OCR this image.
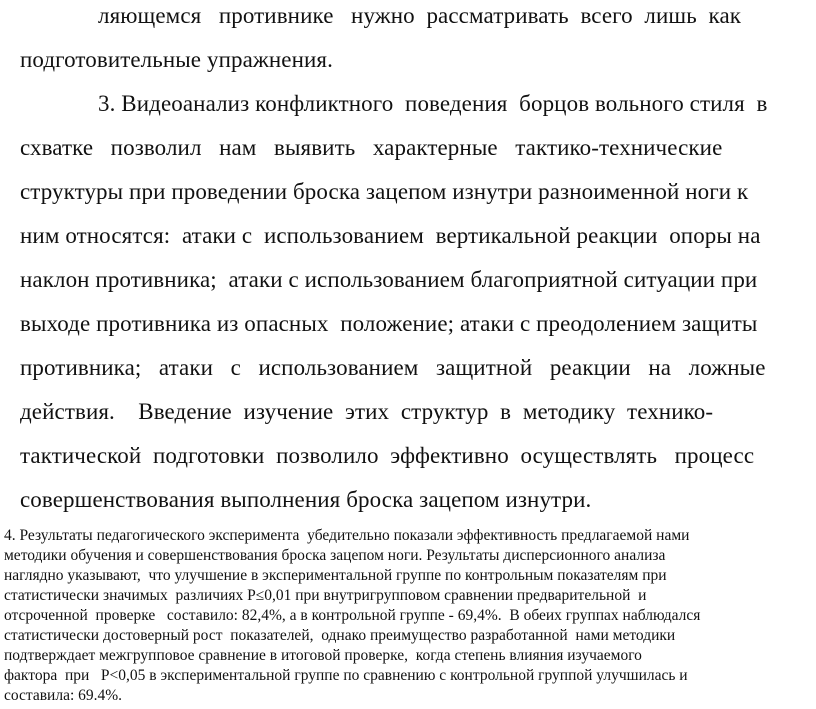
ляющемся   противнике   нужно  рассматривать  всего  лишь  как
подготовительные упражнения.
3. Видеоанализ конфликтного  поведения  борцов вольного стиля  в
схватке   позволил   нам   выявить   характерные   тактико-технические
структуры при проведении броска зацепом изнутри разноименной ноги к
ним относятся:  атаки с  использованием  вертикальной реакции  опоры на
наклон противника;  атаки с использованием благоприятной ситуации при
выходе противника из опасных  положение; атаки с преодолением защиты
противника;   атаки   с   использованием   защитной   реакции   на   ложные
действия.    Введение  изучение  этих  структур  в  методику  технико-
тактической  подготовки  позволило  эффективно  осуществлять   процесс
совершенствования выполнения броска зацепом изнутри.
4. Результаты педагогического эксперимента  убедительно показали эффективность предлагаемой нами
методики обучения и совершенствования броска зацепом ноги. Результаты дисперсионного анализа
наглядно указывают,  что улучшение в экспериментальной группе по контрольным показателям при
статистически значимых  различиях Р≤0,01 при внутригрупповом сравнении предварительной  и
отсроченной  проверке   составило: 82,4%, а в контрольной группе - 69,4%.  В обеих группах наблюдался
статистически достоверный рост  показателей,  однако преимущество разработанной  нами методики
подтверждает межгрупповое сравнение в итоговой проверке,  когда степень влияния изучаемого
фактора  при   Р<0,05 в экспериментальной группе по сравнению с контрольной группой улучшилась и
составила: 69.4%.
